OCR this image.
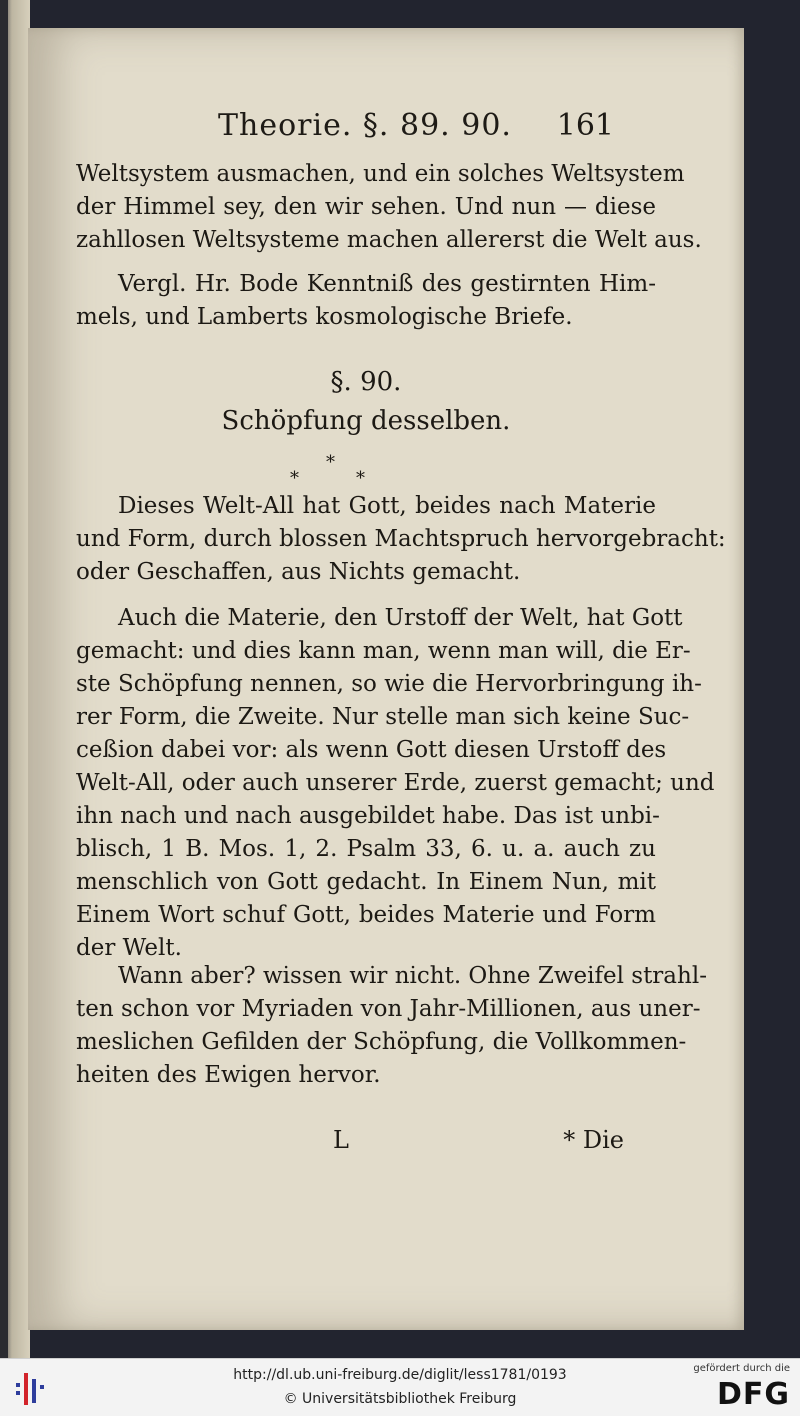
Theorie. §. 89. 90. 161
Weltsystem ausmachen, und ein solches Weltsystem
der Himmel sey, den wir sehen. Und nun — diese
zahllosen Weltsysteme machen allererst die Welt aus.
Vergl. Hr. Bode Kenntniß des gestirnten Him-
mels, und Lamberts kosmologische Briefe.
§. 90.
Schöpfung desselben.
*
*	*
Dieses Welt-All hat Gott, beides nach Materie
und Form, durch blossen Machtspruch hervorgebracht:
oder Geschaffen, aus Nichts gemacht.
Auch die Materie, den Urstoff der Welt, hat Gott
gemacht: und dies kann man, wenn man will, die Er-
ste Schöpfung nennen, so wie die Hervorbringung ih-
rer Form, die Zweite. Nur stelle man sich keine Suc-
ceßion dabei vor: als wenn Gott diesen Urstoff des
Welt-All, oder auch unserer Erde, zuerst gemacht; und
ihn nach und nach ausgebildet habe. Das ist unbi-
blisch, 1 B. Mos. 1, 2. Psalm 33, 6. u. a. auch zu
menschlich von Gott gedacht. In Einem Nun, mit
Einem Wort schuf Gott, beides Materie und Form
der Welt.
Wann aber? wissen wir nicht. Ohne Zweifel strahl-
ten schon vor Myriaden von Jahr-Millionen, aus uner-
meslichen Gefilden der Schöpfung, die Vollkommen-
heiten des Ewigen hervor.
L	* Die
http://dl.ub.uni-freiburg.de/diglit/less1781/0193
© Universitätsbibliothek Freiburg
gefördert durch die
DFG
